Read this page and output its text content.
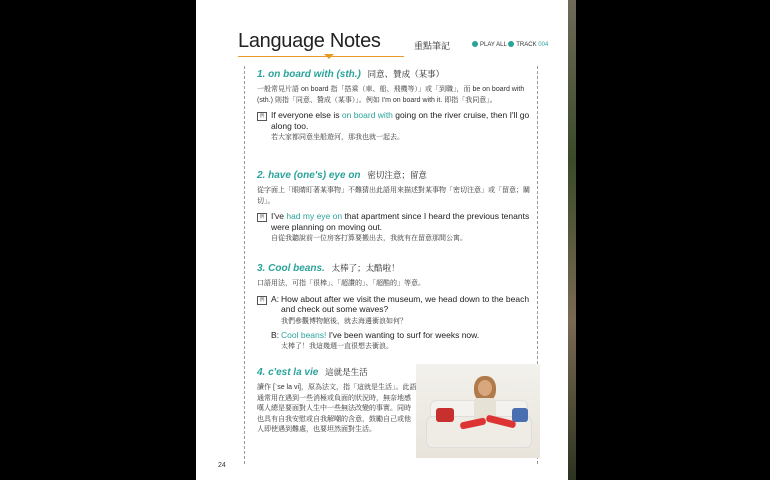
Language Notes	重點筆記	PLAY ALL TRACK 004
1. on board with (sth.) 同意、贊成（某事）
一般常見片語 on board 指「搭乘（車、船、飛機等）」或「到職」，而 be on board with (sth.) 則指「同意、贊成（某事）」。例如 I'm on board with it. 即指「我同意」。
例 If everyone else is on board with going on the river cruise, then I'll go along too.
若大家都同意坐船遊河，那我也就一起去。
2. have (one's) eye on 密切注意；留意
從字面上「眼睛盯著某事物」不難猜出此語用來描述對某事物「密切注意」或「留意；關切」。
例 I've had my eye on that apartment since I heard the previous tenants were planning on moving out.
自從我聽說前一位房客打算要搬出去，我就有在留意那間公寓。
3. Cool beans. 太棒了；太酷啦！
口語用法，可指「很棒」、「超讚的」、「超酷的」等意。
例 A: How about after we visit the museum, we head down to the beach and check out some waves?
我們參觀博物館後，就去海邊衝浪如何？
B: Cool beans! I've been wanting to surf for weeks now.
太棒了！我這幾週一直很想去衝浪。
4. c'est la vie 這就是生活
讀作 [ˈse la vi]，原為法文，指「這就是生活」。此語通常用在遇到一些消極或負面的狀況時，無奈地感嘆人總是要面對人生中一些無法改變的事實。同時也具有自我安慰或自我解嘲的含意，鼓勵自己或他人即使遇到難處，也要坦然面對生活。
24
